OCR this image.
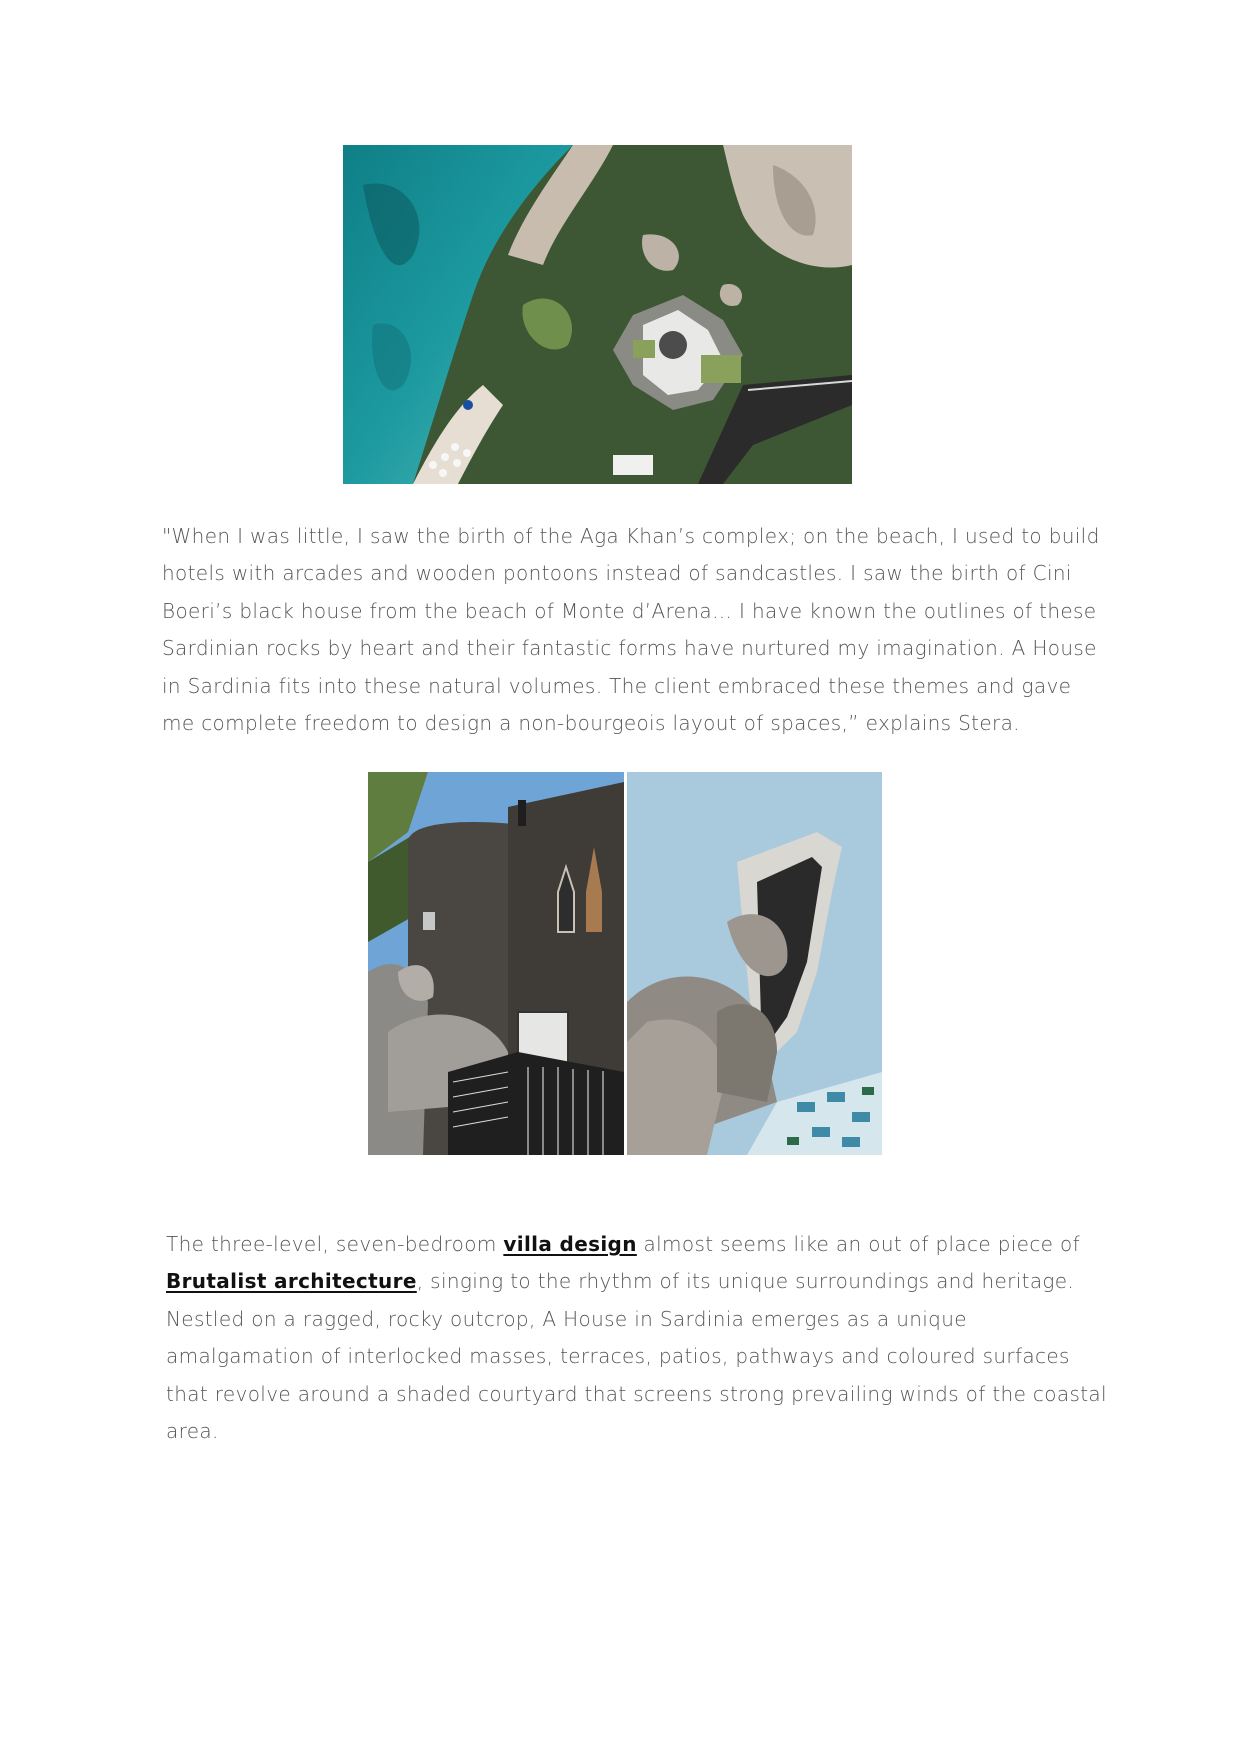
"When I was little, I saw the birth of the Aga Khan’s complex; on the beach, I used to build
hotels with arcades and wooden pontoons instead of sandcastles. I saw the birth of Cini
Boeri’s black house from the beach of Monte d’Arena… I have known the outlines of these
Sardinian rocks by heart and their fantastic forms have nurtured my imagination. A House
in Sardinia fits into these natural volumes. The client embraced these themes and gave
me complete freedom to design a non-bourgeois layout of spaces,” explains Stera.

The three-level, seven-bedroom villa design almost seems like an out of place piece of
Brutalist architecture, singing to the rhythm of its unique surroundings and heritage.
Nestled on a ragged, rocky outcrop, A House in Sardinia emerges as a unique
amalgamation of interlocked masses, terraces, patios, pathways and coloured surfaces
that revolve around a shaded courtyard that screens strong prevailing winds of the coastal
area.
